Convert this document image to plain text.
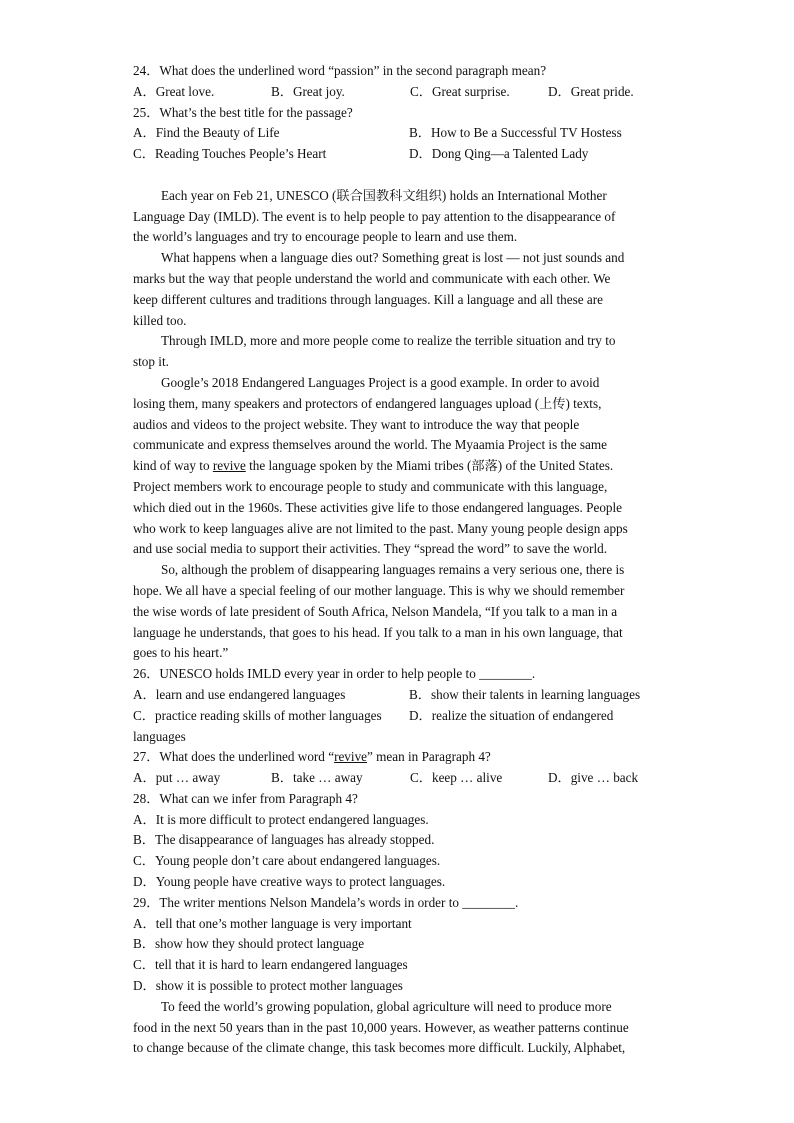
24．What does the underlined word “passion” in the second paragraph mean?
A．Great love.	B．Great joy.	C．Great surprise.	D．Great pride.
25．What’s the best title for the passage?
A．Find the Beauty of Life	B．How to Be a Successful TV Hostess
C．Reading Touches People’s Heart	D．Dong Qing—a Talented Lady
Each year on Feb 21, UNESCO (联合国教科文组织) holds an International Mother
Language Day (IMLD). The event is to help people to pay attention to the disappearance of
the world’s languages and try to encourage people to learn and use them.
What happens when a language dies out? Something great is lost — not just sounds and
marks but the way that people understand the world and communicate with each other. We
keep different cultures and traditions through languages. Kill a language and all these are
killed too.
Through IMLD, more and more people come to realize the terrible situation and try to
stop it.
Google’s 2018 Endangered Languages Project is a good example. In order to avoid
losing them, many speakers and protectors of endangered languages upload (上传) texts,
audios and videos to the project website. They want to introduce the way that people
communicate and express themselves around the world. The Myaamia Project is the same
kind of way to revive the language spoken by the Miami tribes (部落) of the United States.
Project members work to encourage people to study and communicate with this language,
which died out in the 1960s. These activities give life to those endangered languages. People
who work to keep languages alive are not limited to the past. Many young people design apps
and use social media to support their activities. They “spread the word” to save the world.
So, although the problem of disappearing languages remains a very serious one, there is
hope. We all have a special feeling of our mother language. This is why we should remember
the wise words of late president of South Africa, Nelson Mandela, “If you talk to a man in a
language he understands, that goes to his head. If you talk to a man in his own language, that
goes to his heart.”
26．UNESCO holds IMLD every year in order to help people to ________.
A．learn and use endangered languages	B．show their talents in learning languages
C．practice reading skills of mother languages	D．realize the situation of endangered
languages
27．What does the underlined word “revive” mean in Paragraph 4?
A．put … away	B．take … away	C．keep … alive	D．give … back
28．What can we infer from Paragraph 4?
A．It is more difficult to protect endangered languages.
B．The disappearance of languages has already stopped.
C．Young people don’t care about endangered languages.
D．Young people have creative ways to protect languages.
29．The writer mentions Nelson Mandela’s words in order to ________.
A．tell that one’s mother language is very important
B．show how they should protect language
C．tell that it is hard to learn endangered languages
D．show it is possible to protect mother languages
To feed the world’s growing population, global agriculture will need to produce more
food in the next 50 years than in the past 10,000 years. However, as weather patterns continue
to change because of the climate change, this task becomes more difficult. Luckily, Alphabet,
